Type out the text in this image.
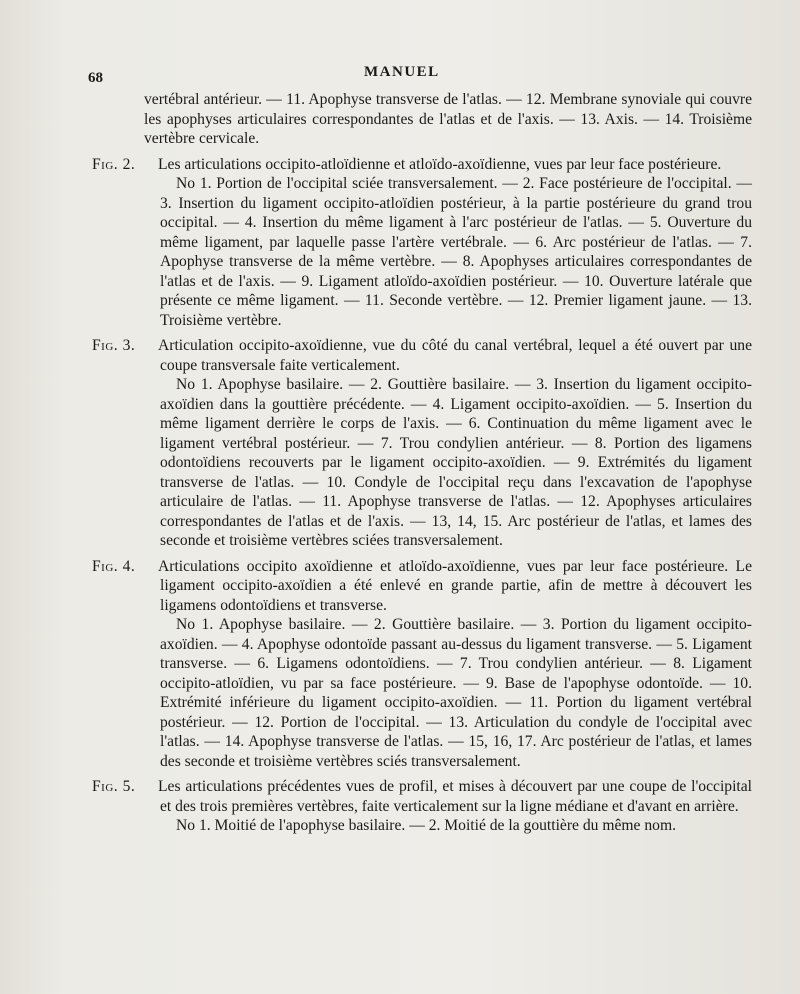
68	MANUEL

vertébral antérieur. — 11. Apophyse transverse de l'atlas. — 12. Membrane synoviale qui couvre les apophyses articulaires correspondantes de l'atlas et de l'axis. — 13. Axis. — 14. Troisième vertèbre cervicale.

Fig. 2. Les articulations occipito-atloïdienne et atloïdo-axoïdienne, vues par leur face postérieure.

No 1. Portion de l'occipital sciée transversalement. — 2. Face postérieure de l'occipital. — 3. Insertion du ligament occipito-atloïdien postérieur, à la partie postérieure du grand trou occipital. — 4. Insertion du même ligament à l'arc postérieur de l'atlas. — 5. Ouverture du même ligament, par laquelle passe l'artère vertébrale. — 6. Arc postérieur de l'atlas. — 7. Apophyse transverse de la même vertèbre. — 8. Apophyses articulaires correspondantes de l'atlas et de l'axis. — 9. Ligament atloïdo-axoïdien postérieur. — 10. Ouverture latérale que présente ce même ligament. — 11. Seconde vertèbre. — 12. Premier ligament jaune. — 13. Troisième vertèbre.

Fig. 3. Articulation occipito-axoïdienne, vue du côté du canal vertébral, lequel a été ouvert par une coupe transversale faite verticalement.

No 1. Apophyse basilaire. — 2. Gouttière basilaire. — 3. Insertion du ligament occipito-axoïdien dans la gouttière précédente. — 4. Ligament occipito-axoïdien. — 5. Insertion du même ligament derrière le corps de l'axis. — 6. Continuation du même ligament avec le ligament vertébral postérieur. — 7. Trou condylien antérieur. — 8. Portion des ligamens odontoïdiens recouverts par le ligament occipito-axoïdien. — 9. Extrémités du ligament transverse de l'atlas. — 10. Condyle de l'occipital reçu dans l'excavation de l'apophyse articulaire de l'atlas. — 11. Apophyse transverse de l'atlas. — 12. Apophyses articulaires correspondantes de l'atlas et de l'axis. — 13, 14, 15. Arc postérieur de l'atlas, et lames des seconde et troisième vertèbres sciées transversalement.

Fig. 4. Articulations occipito axoïdienne et atloïdo-axoïdienne, vues par leur face postérieure. Le ligament occipito-axoïdien a été enlevé en grande partie, afin de mettre à découvert les ligamens odontoïdiens et transverse.

No 1. Apophyse basilaire. — 2. Gouttière basilaire. — 3. Portion du ligament occipito-axoïdien. — 4. Apophyse odontoïde passant au-dessus du ligament transverse. — 5. Ligament transverse. — 6. Ligamens odontoïdiens. — 7. Trou condylien antérieur. — 8. Ligament occipito-atloïdien, vu par sa face postérieure. — 9. Base de l'apophyse odontoïde. — 10. Extrémité inférieure du ligament occipito-axoïdien. — 11. Portion du ligament vertébral postérieur. — 12. Portion de l'occipital. — 13. Articulation du condyle de l'occipital avec l'atlas. — 14. Apophyse transverse de l'atlas. — 15, 16, 17. Arc postérieur de l'atlas, et lames des seconde et troisième vertèbres sciés transversalement.

Fig. 5. Les articulations précédentes vues de profil, et mises à découvert par une coupe de l'occipital et des trois premières vertèbres, faite verticalement sur la ligne médiane et d'avant en arrière.

No 1. Moitié de l'apophyse basilaire. — 2. Moitié de la gouttière du même nom.
